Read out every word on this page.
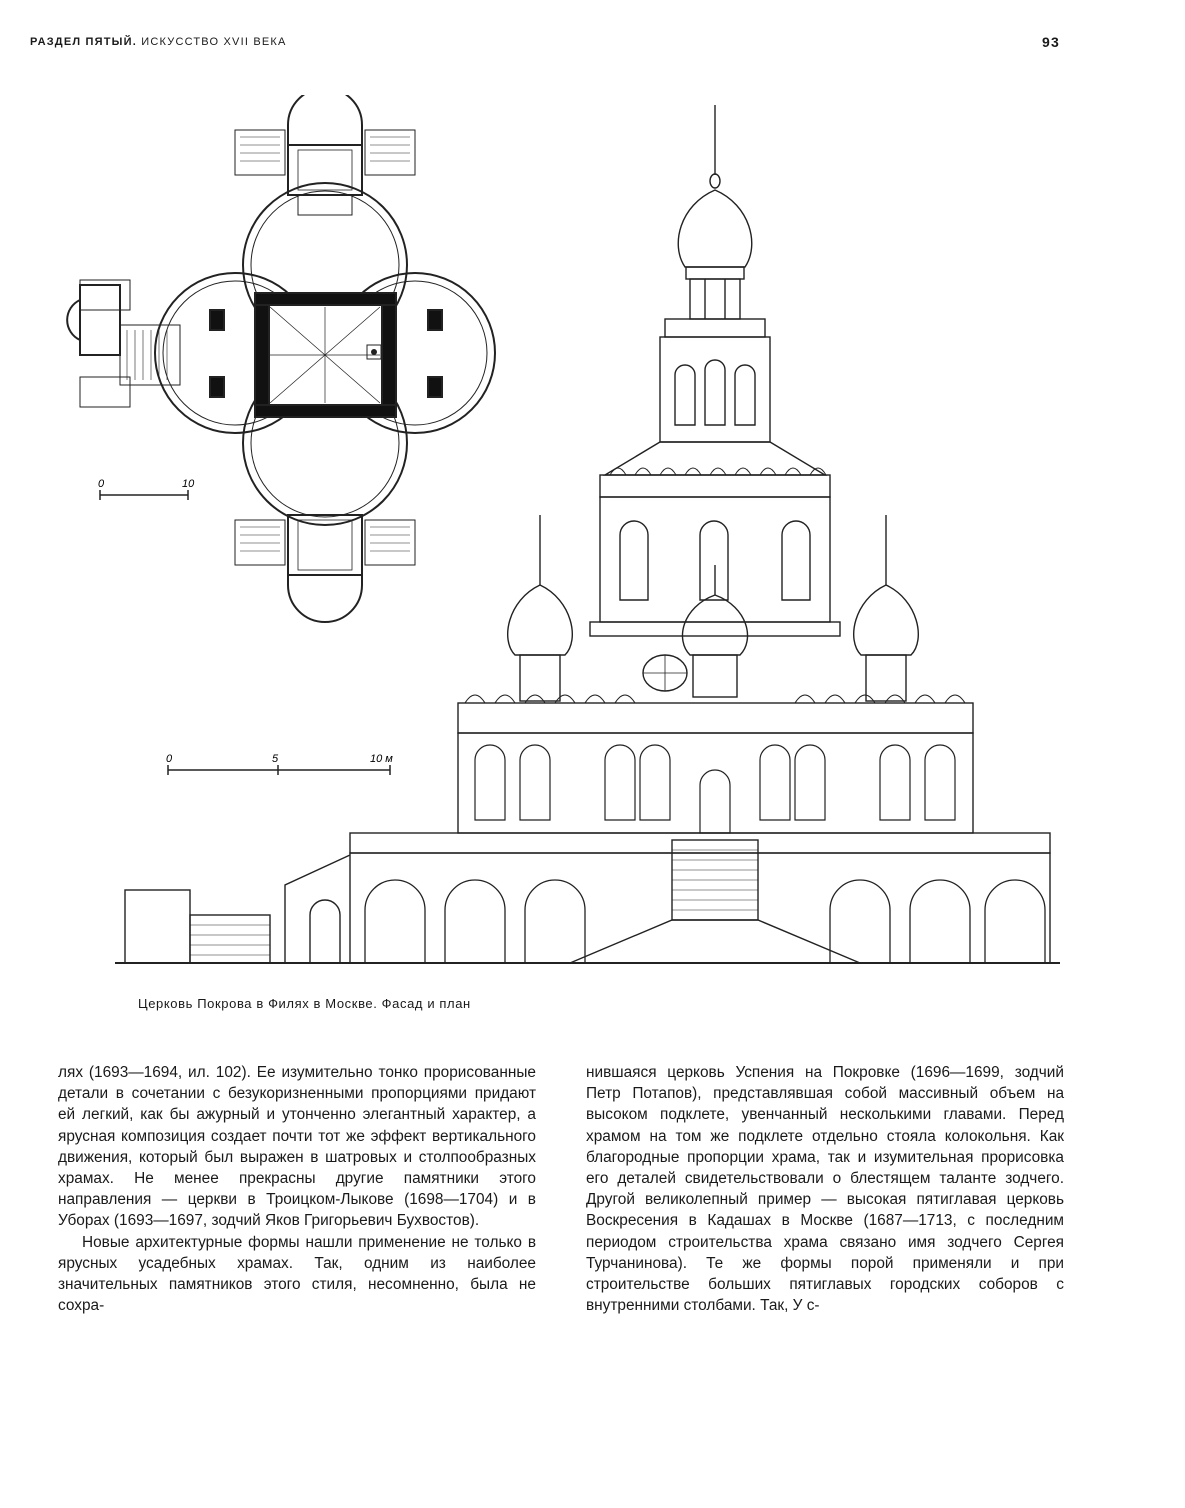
РАЗДЕЛ ПЯТЫЙ. ИСКУССТВО XVII ВЕКА	93
0	10
0	5	10 м
Церковь Покрова в Филях в Москве. Фасад и план

лях (1693—1694, ил. 102). Ее изумительно тонко прорисованные детали в сочетании с безукоризненными пропорциями придают ей легкий, как бы ажурный и утонченно элегантный характер, а ярусная композиция создает почти тот же эффект вертикального движения, который был выражен в шатровых и столпообразных храмах. Не менее прекрасны другие памятники этого направления — церкви в Троицком-Лыкове (1698—1704) и в Уборах (1693—1697, зодчий Яков Григорьевич Бухвостов).

Новые архитектурные формы нашли применение не только в ярусных усадебных храмах. Так, одним из наиболее значительных памятников этого стиля, несомненно, была не сохра-

нившаяся церковь Успения на Покровке (1696—1699, зодчий Петр Потапов), представлявшая собой массивный объем на высоком подклете, увенчанный несколькими главами. Перед храмом на том же подклете отдельно стояла колокольня. Как благородные пропорции храма, так и изумительная прорисовка его деталей свидетельствовали о блестящем таланте зодчего. Другой великолепный пример — высокая пятиглавая церковь Воскресения в Кадашах в Москве (1687—1713, с последним периодом строительства храма связано имя зодчего Сергея Турчанинова). Те же формы порой применяли и при строительстве больших пятиглавых городских соборов с внутренними столбами. Так, У с-
